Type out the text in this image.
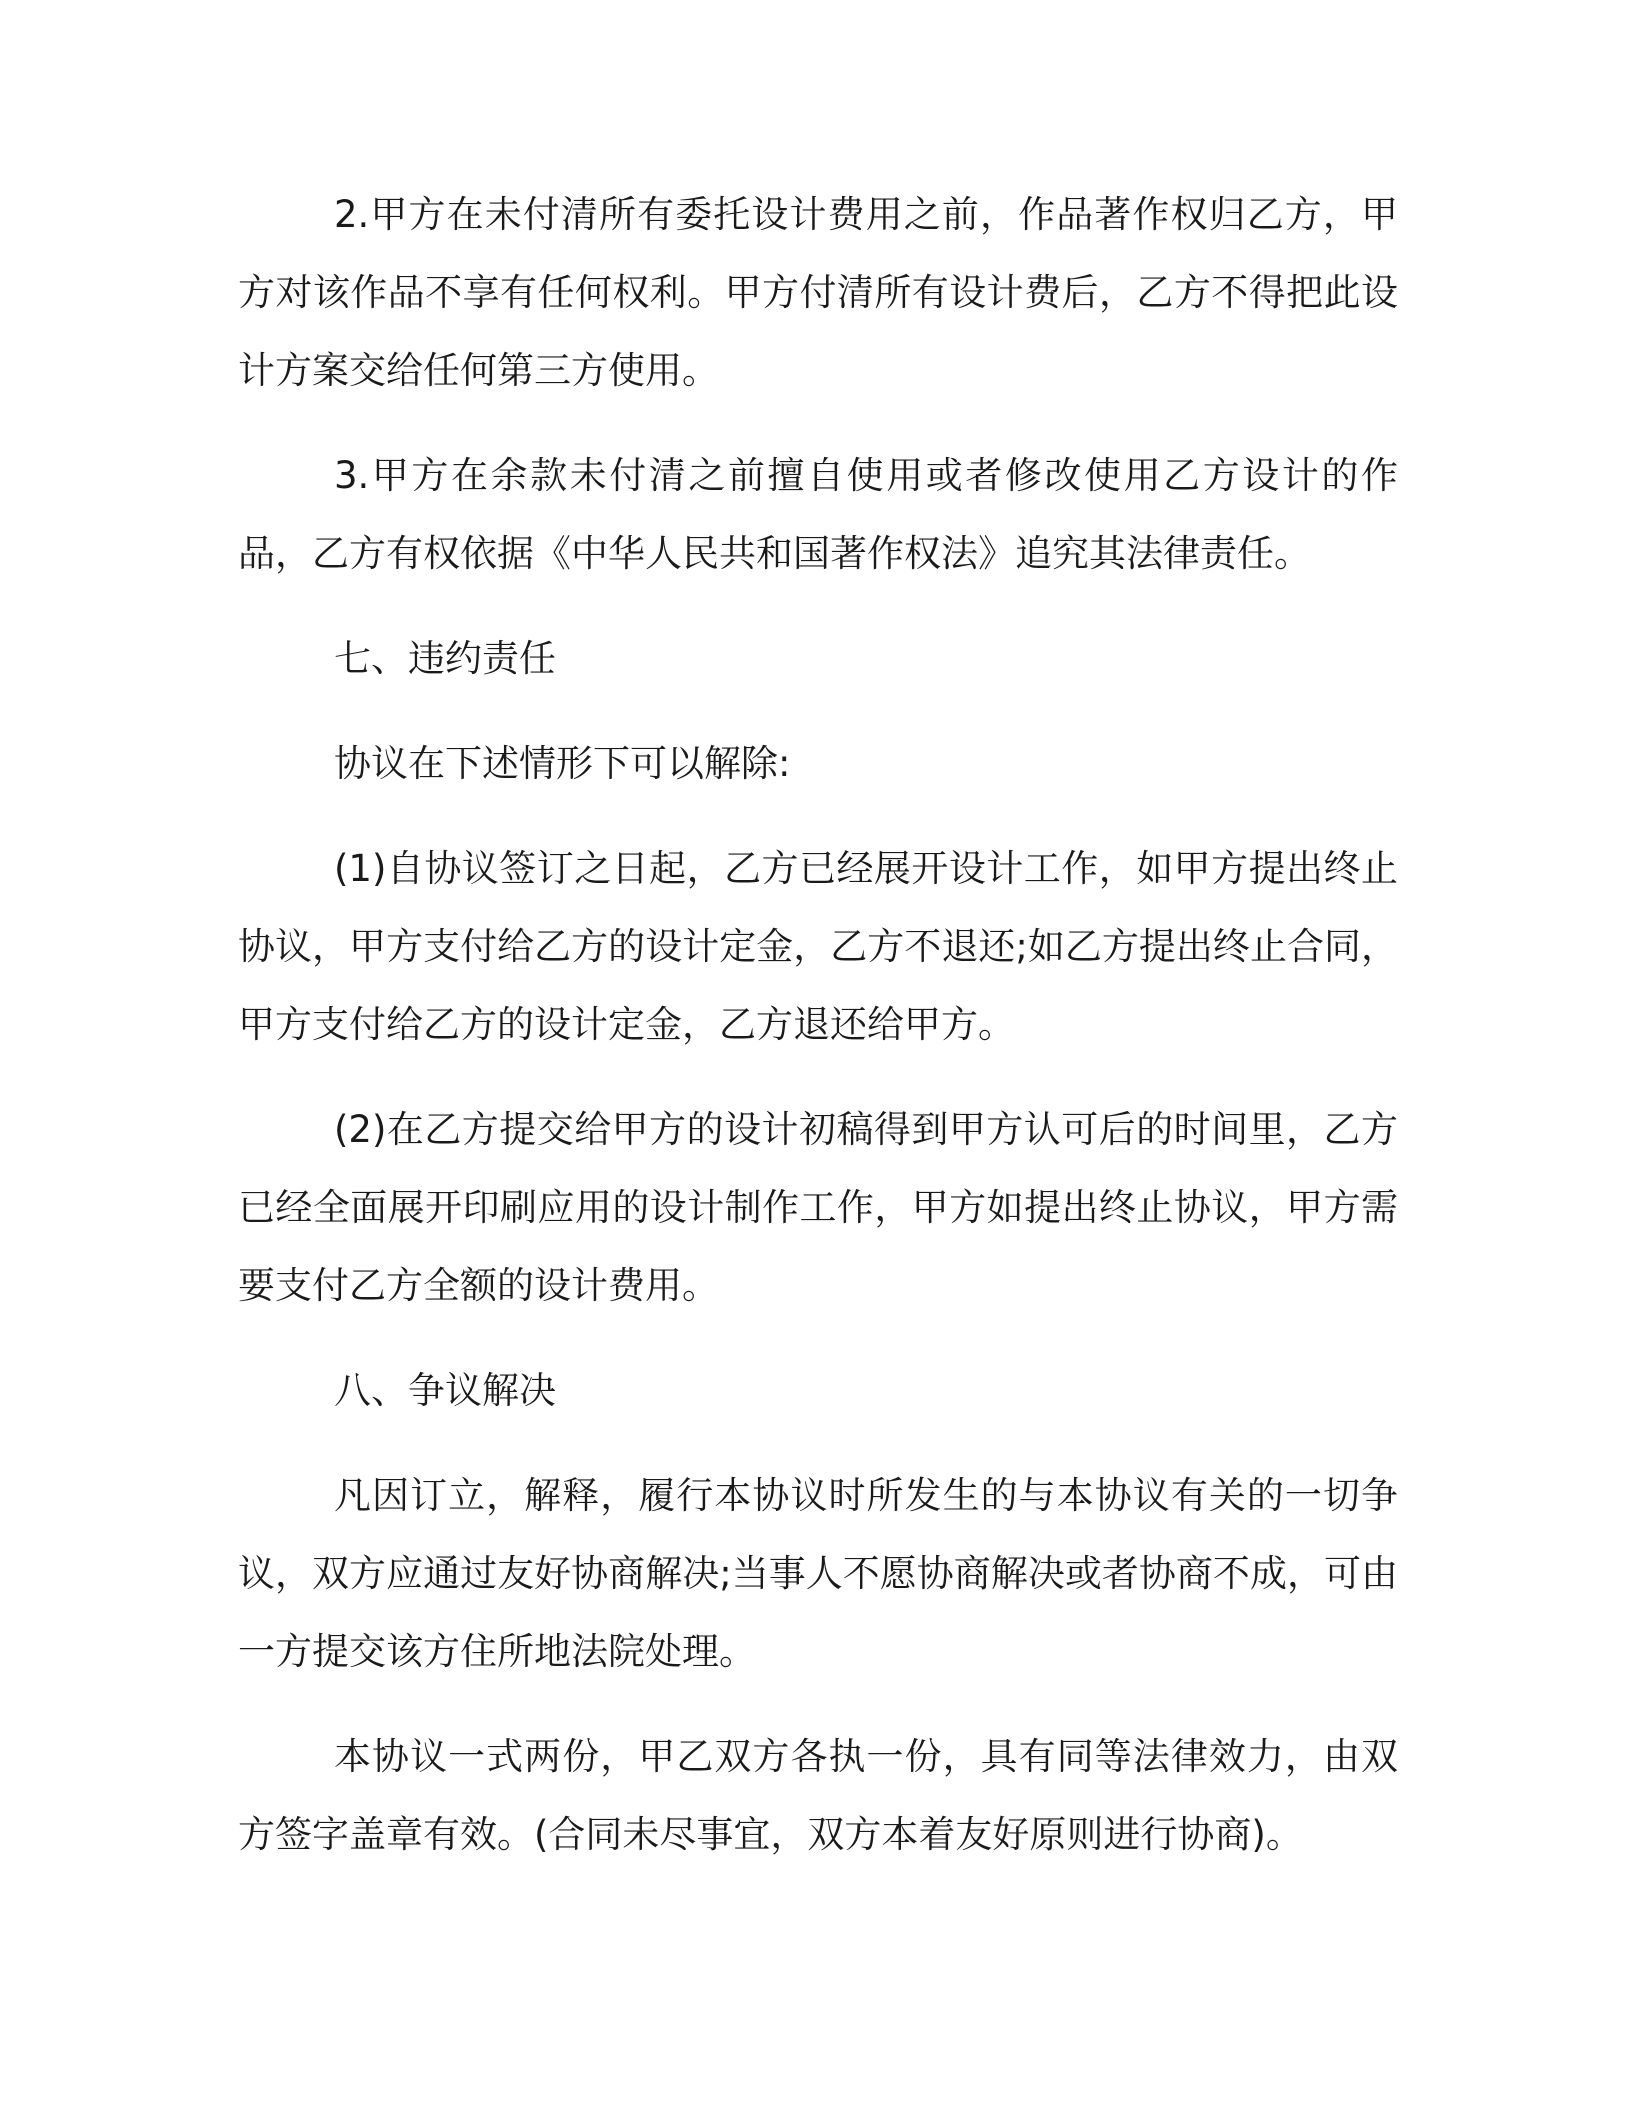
2.甲方在未付清所有委托设计费用之前，作品著作权归乙方，甲方对该作品不享有任何权利。甲方付清所有设计费后，乙方不得把此设计方案交给任何第三方使用。

3.甲方在余款未付清之前擅自使用或者修改使用乙方设计的作品，乙方有权依据《中华人民共和国著作权法》追究其法律责任。

七、违约责任

协议在下述情形下可以解除:

(1)自协议签订之日起，乙方已经展开设计工作，如甲方提出终止协议，甲方支付给乙方的设计定金，乙方不退还;如乙方提出终止合同，甲方支付给乙方的设计定金，乙方退还给甲方。

(2)在乙方提交给甲方的设计初稿得到甲方认可后的时间里，乙方已经全面展开印刷应用的设计制作工作，甲方如提出终止协议，甲方需要支付乙方全额的设计费用。

八、争议解决

凡因订立，解释，履行本协议时所发生的与本协议有关的一切争议，双方应通过友好协商解决;当事人不愿协商解决或者协商不成，可由一方提交该方住所地法院处理。

本协议一式两份，甲乙双方各执一份，具有同等法律效力，由双方签字盖章有效。(合同未尽事宜，双方本着友好原则进行协商)。
